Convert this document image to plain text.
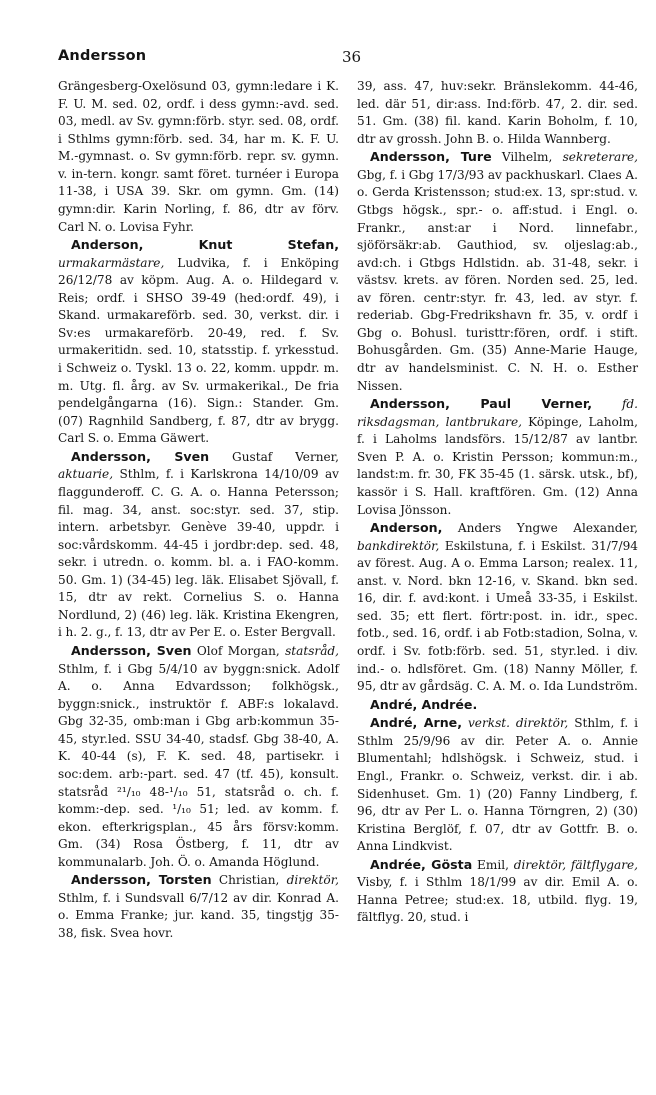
Andersson	36

Grängesberg-Oxelösund 03, gymn:ledare i K. F. U. M. sed. 02, ordf. i dess gymn:-avd. sed. 03, medl. av Sv. gymn:förb. styr. sed. 08, ordf. i Sthlms gymn:förb. sed. 34, har m. K. F. U. M.-gymnast. o. Sv gymn:förb. repr. sv. gymn. v. in-tern. kongr. samt föret. turnéer i Europa 11-38, i USA 39. Skr. om gymn. Gm. (14) gymn:dir. Karin Norling, f. 86, dtr av förv. Carl N. o. Lovisa Fyhr.

Anderson, Knut Stefan, urmakarmästare, Ludvika, f. i Enköping 26/12/78 av köpm. Aug. A. o. Hildegard v. Reis; ordf. i SHSO 39-49 (hed:ordf. 49), i Skand. urmakareförb. sed. 30, verkst. dir. i Sv:es urmakareförb. 20-49, red. f. Sv. urmakeritidn. sed. 10, statsstip. f. yrkesstud. i Schweiz o. Tyskl. 13 o. 22, komm. uppdr. m. m. Utg. fl. årg. av Sv. urmakerikal., De fria pendelgångarna (16). Sign.: Stander. Gm. (07) Ragnhild Sandberg, f. 87, dtr av brygg. Carl S. o. Emma Gäwert.

Andersson, Sven Gustaf Verner, aktuarie, Sthlm, f. i Karlskrona 14/10/09 av flaggunderoff. C. G. A. o. Hanna Petersson; fil. mag. 34, anst. soc:styr. sed. 37, stip. intern. arbetsbyr. Genève 39-40, uppdr. i soc:vårdskomm. 44-45 i jordbr:dep. sed. 48, sekr. i utredn. o. komm. bl. a. i FAO-komm. 50. Gm. 1) (34-45) leg. läk. Elisabet Sjövall, f. 15, dtr av rekt. Cornelius S. o. Hanna Nordlund, 2) (46) leg. läk. Kristina Ekengren, i h. 2. g., f. 13, dtr av Per E. o. Ester Bergvall.

Andersson, Sven Olof Morgan, statsråd, Sthlm, f. i Gbg 5/4/10 av byggn:snick. Adolf A. o. Anna Edvardsson; folkhögsk., byggn:snick., instruktör f. ABF:s lokalavd. Gbg 32-35, omb:man i Gbg arb:kommun 35-45, styr.led. SSU 34-40, stadsf. Gbg 38-40, A. K. 40-44 (s), F. K. sed. 48, partisekr. i soc:dem. arb:-part. sed. 47 (tf. 45), konsult. statsråd ²¹/₁₀ 48-¹/₁₀ 51, statsråd o. ch. f. komm:-dep. sed. ¹/₁₀ 51; led. av komm. f. ekon. efterkrigsplan., 45 års försv:komm. Gm. (34) Rosa Östberg, f. 11, dtr av kommunalarb. Joh. Ö. o. Amanda Höglund.

Andersson, Torsten Christian, direktör, Sthlm, f. i Sundsvall 6/7/12 av dir. Konrad A. o. Emma Franke; jur. kand. 35, tingstjg 35-38, fisk. Svea hovr.

39, ass. 47, huv:sekr. Bränslekomm. 44-46, led. där 51, dir:ass. Ind:förb. 47, 2. dir. sed. 51. Gm. (38) fil. kand. Karin Boholm, f. 10, dtr av grossh. John B. o. Hilda Wannberg.

Andersson, Ture Vilhelm, sekreterare, Gbg, f. i Gbg 17/3/93 av packhuskarl. Claes A. o. Gerda Kristensson; stud:ex. 13, spr:stud. v. Gtbgs högsk., spr.- o. aff:stud. i Engl. o. Frankr., anst:ar i Nord. linnefabr., sjöförsäkr:ab. Gauthiod, sv. oljeslag:ab., avd:ch. i Gtbgs Hdlstidn. ab. 31-48, sekr. i västsv. krets. av fören. Norden sed. 25, led. av fören. centr:styr. fr. 43, led. av styr. f. rederiab. Gbg-Fredrikshavn fr. 35, v. ordf i Gbg o. Bohusl. turisttr:fören, ordf. i stift. Bohusgården. Gm. (35) Anne-Marie Hauge, dtr av handelsminist. C. N. H. o. Esther Nissen.

Andersson, Paul Verner, fd. riksdagsman, lantbrukare, Köpinge, Laholm, f. i Laholms landsförs. 15/12/87 av lantbr. Sven P. A. o. Kristin Persson; kommun:m., landst:m. fr. 30, FK 35-45 (1. särsk. utsk., bf), kassör i S. Hall. kraftfören. Gm. (12) Anna Lovisa Jönsson.

Anderson, Anders Yngwe Alexander, bankdirektör, Eskilstuna, f. i Eskilst. 31/7/94 av förest. Aug. A o. Emma Larson; realex. 11, anst. v. Nord. bkn 12-16, v. Skand. bkn sed. 16, dir. f. avd:kont. i Umeå 33-35, i Eskilst. sed. 35; ett flert. förtr:post. in. idr., spec. fotb., sed. 16, ordf. i ab Fotb:stadion, Solna, v. ordf. i Sv. fotb:förb. sed. 51, styr.led. i div. ind.- o. hdlsföret. Gm. (18) Nanny Möller, f. 95, dtr av gårdsäg. C. A. M. o. Ida Lundström.

André, Andrée.

André, Arne, verkst. direktör, Sthlm, f. i Sthlm 25/9/96 av dir. Peter A. o. Annie Blumentahl; hdlshögsk. i Schweiz, stud. i Engl., Frankr. o. Schweiz, verkst. dir. i ab. Sidenhuset. Gm. 1) (20) Fanny Lindberg, f. 96, dtr av Per L. o. Hanna Törngren, 2) (30) Kristina Berglöf, f. 07, dtr av Gottfr. B. o. Anna Lindkvist.

Andrée, Gösta Emil, direktör, fältflygare, Visby, f. i Sthlm 18/1/99 av dir. Emil A. o. Hanna Petree; stud:ex. 18, utbild. flyg. 19, fältflyg. 20, stud. i
